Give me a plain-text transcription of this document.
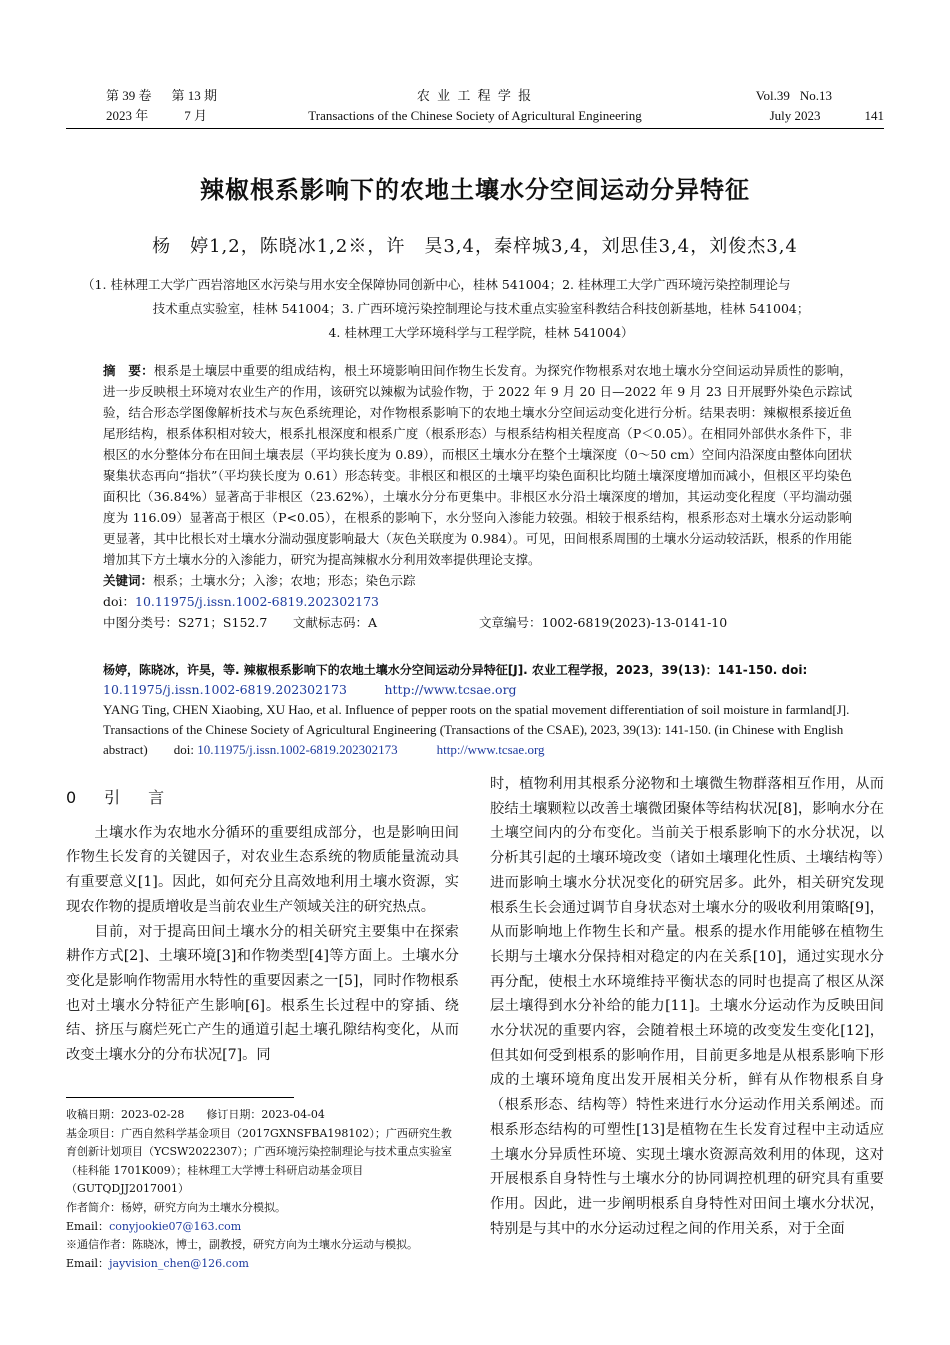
第 39 卷 第 13 期
2023 年	7 月
农 业 工 程 学 报
Transactions of the Chinese Society of Agricultural Engineering
Vol.39 No.13
July 2023	141
辣椒根系影响下的农地土壤水分空间运动分异特征
杨　婷1,2，陈晓冰1,2※，许　昊3,4，秦梓城3,4，刘思佳3,4，刘俊杰3,4
（1. 桂林理工大学广西岩溶地区水污染与用水安全保障协同创新中心，桂林 541004；2. 桂林理工大学广西环境污染控制理论与
技术重点实验室，桂林 541004；3. 广西环境污染控制理论与技术重点实验室科教结合科技创新基地，桂林 541004；
4. 桂林理工大学环境科学与工程学院，桂林 541004）
摘　要：根系是土壤层中重要的组成结构，根土环境影响田间作物生长发育。为探究作物根系对农地土壤水分空间运动异质性的影响，进一步反映根土环境对农业生产的作用，该研究以辣椒为试验作物，于 2022 年 9 月 20 日—2022 年 9 月 23 日开展野外染色示踪试验，结合形态学图像解析技术与灰色系统理论，对作物根系影响下的农地土壤水分空间运动变化进行分析。结果表明：辣椒根系接近鱼尾形结构，根系体积相对较大，根系扎根深度和根系广度（根系形态）与根系结构相关程度高（P＜0.05）。在相同外部供水条件下，非根区的水分整体分布在田间土壤表层（平均狭长度为 0.89），而根区土壤水分在整个土壤深度（0～50 cm）空间内沿深度由整体向团状聚集状态再向“指状”（平均狭长度为 0.61）形态转变。非根区和根区的土壤平均染色面积比均随土壤深度增加而减小，但根区平均染色面积比（36.84%）显著高于非根区（23.62%），土壤水分分布更集中。非根区水分沿土壤深度的增加，其运动变化程度（平均湍动强度为 116.09）显著高于根区（P<0.05），在根系的影响下，水分竖向入渗能力较强。相较于根系结构，根系形态对土壤水分运动影响更显著，其中比根长对土壤水分湍动强度影响最大（灰色关联度为 0.984）。可见，田间根系周围的土壤水分运动较活跃，根系的作用能增加其下方土壤水分的入渗能力，研究为提高辣椒水分利用效率提供理论支撑。
关键词：根系；土壤水分；入渗；农地；形态；染色示踪
doi：10.11975/j.issn.1002-6819.202302173
中图分类号：S271；S152.7 文献标志码：A	文章编号：1002-6819(2023)-13-0141-10
杨婷，陈晓冰，许昊，等. 辣椒根系影响下的农地土壤水分空间运动分异特征[J]. 农业工程学报，2023，39(13)：141-150. doi: 10.11975/j.issn.1002-6819.202302173　　　	http://www.tcsae.org
YANG Ting, CHEN Xiaobing, XU Hao, et al. Influence of pepper roots on the spatial movement differentiation of soil moisture in farmland[J]. Transactions of the Chinese Society of Agricultural Engineering (Transactions of the CSAE), 2023, 39(13): 141-150. (in Chinese with English abstract)　　 doi: 10.11975/j.issn.1002-6819.202302173　　　	http://www.tcsae.org
0　引　言

土壤水作为农地水分循环的重要组成部分，也是影响田间作物生长发育的关键因子，对农业生态系统的物质能量流动具有重要意义[1]。因此，如何充分且高效地利用土壤水资源，实现农作物的提质增收是当前农业生产领域关注的研究热点。

目前，对于提高田间土壤水分的相关研究主要集中在探索耕作方式[2]、土壤环境[3]和作物类型[4]等方面上。土壤水分变化是影响作物需用水特性的重要因素之一[5]，同时作物根系也对土壤水分特征产生影响[6]。根系生长过程中的穿插、绕结、挤压与腐烂死亡产生的通道引起土壤孔隙结构变化，从而改变土壤水分的分布状况[7]。同

时，植物利用其根系分泌物和土壤微生物群落相互作用，从而胶结土壤颗粒以改善土壤微团聚体等结构状况[8]，影响水分在土壤空间内的分布变化。当前关于根系影响下的水分状况，以分析其引起的土壤环境改变（诸如土壤理化性质、土壤结构等）进而影响土壤水分状况变化的研究居多。此外，相关研究发现根系生长会通过调节自身状态对土壤水分的吸收利用策略[9]，从而影响地上作物生长和产量。根系的提水作用能够在植物生长期与土壤水分保持相对稳定的内在关系[10]，通过实现水分再分配，使根土水环境维持平衡状态的同时也提高了根区从深层土壤得到水分补给的能力[11]。土壤水分运动作为反映田间水分状况的重要内容，会随着根土环境的改变发生变化[12]，但其如何受到根系的影响作用，目前更多地是从根系影响下形成的土壤环境角度出发开展相关分析，鲜有从作物根系自身（根系形态、结构等）特性来进行水分运动作用关系阐述。而根系形态结构的可塑性[13]是植物在生长发育过程中主动适应土壤水分异质性环境、实现土壤水资源高效利用的体现，这对开展根系自身特性与土壤水分的协同调控机理的研究具有重要作用。因此，进一步阐明根系自身特性对田间土壤水分状况，特别是与其中的水分运动过程之间的作用关系，对于全面

收稿日期：2023-02-28　　修订日期：2023-04-04
基金项目：广西自然科学基金项目（2017GXNSFBA198102）；广西研究生教育创新计划项目（YCSW2022307）；广西环境污染控制理论与技术重点实验室（桂科能 1701K009）；桂林理工大学博士科研启动基金项目（GUTQDJJ2017001）
作者简介：杨婷，研究方向为土壤水分模拟。
Email：conyjookie07@163.com
※通信作者：陈晓冰，博士，副教授，研究方向为土壤水分运动与模拟。
Email：jayvision_chen@126.com
